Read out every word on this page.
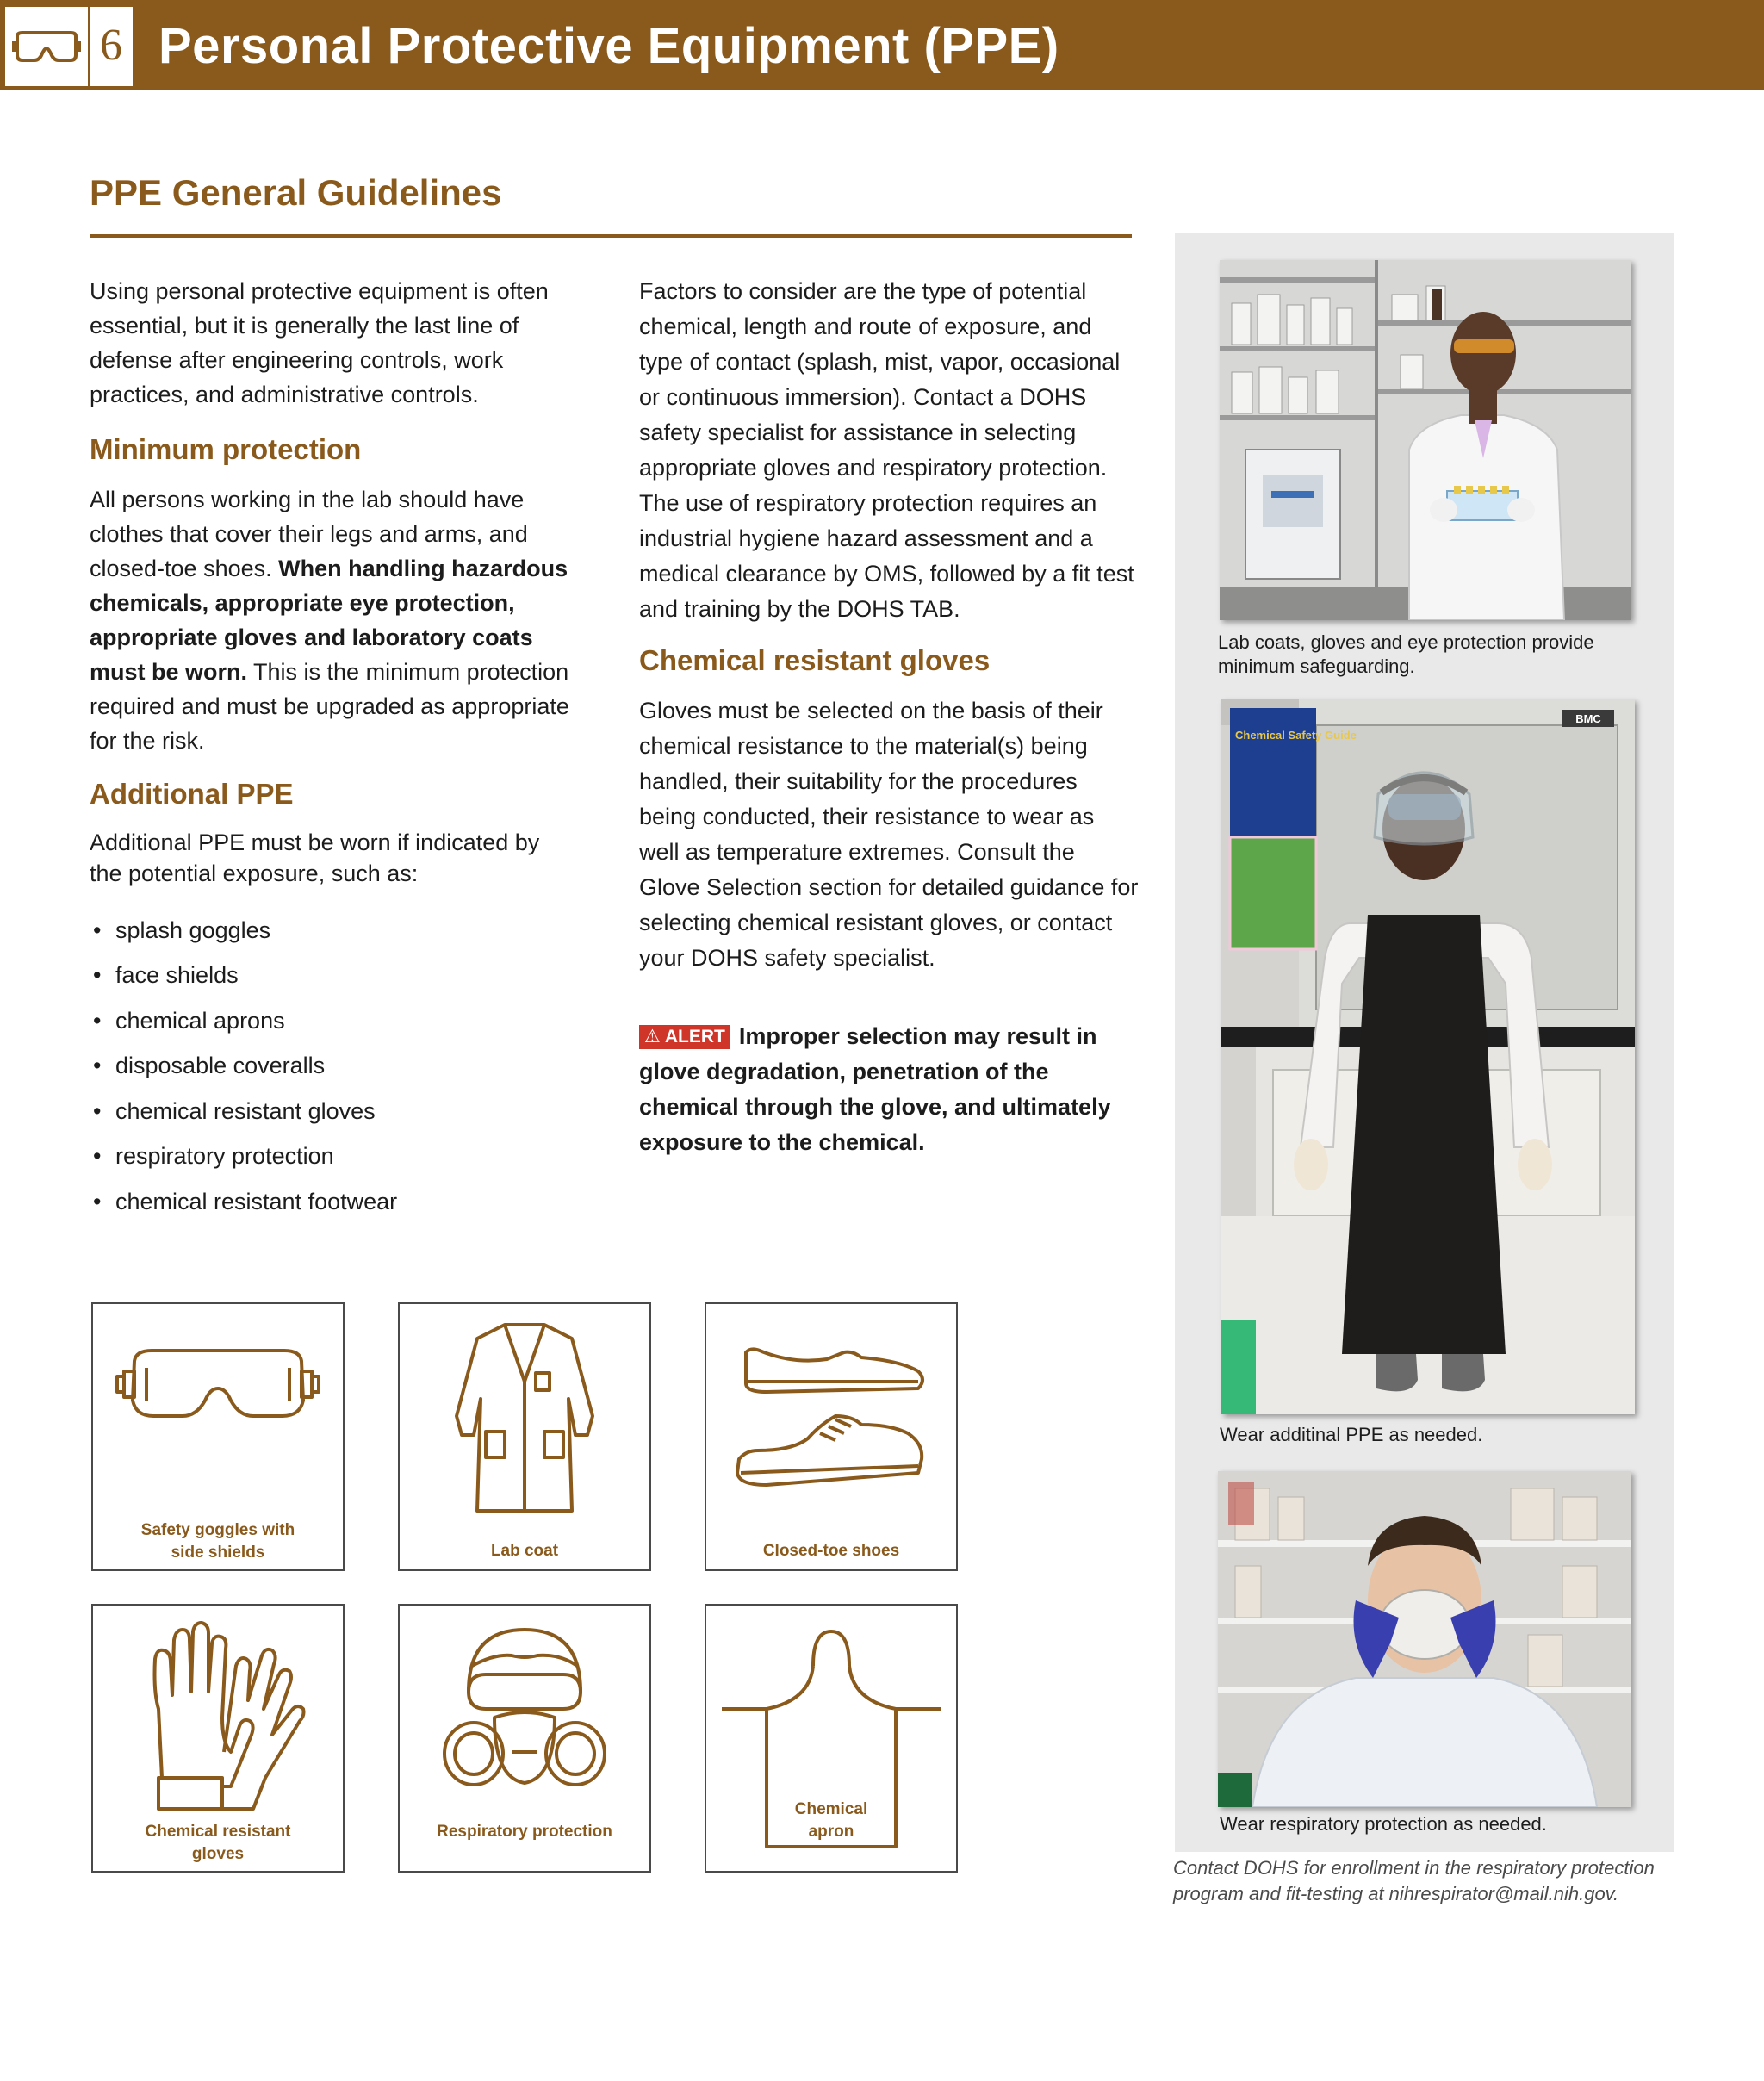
6 Personal Protective Equipment (PPE)
PPE General Guidelines

Using personal protective equipment is often essential, but it is generally the last line of defense after engineering controls, work practices, and administrative controls.

Minimum protection

All persons working in the lab should have clothes that cover their legs and arms, and closed-toe shoes. When handling hazardous chemicals, appropriate eye protection, appropriate gloves and laboratory coats must be worn. This is the minimum protection required and must be upgraded as appropriate for the risk.

Additional PPE

Additional PPE must be worn if indicated by the potential exposure, such as:

• splash goggles
• face shields
• chemical aprons
• disposable coveralls
• chemical resistant gloves
• respiratory protection
• chemical resistant footwear

Factors to consider are the type of potential chemical, length and route of exposure, and type of contact (splash, mist, vapor, occasional or continuous immersion). Contact a DOHS safety specialist for assistance in selecting appropriate gloves and respiratory protection. The use of respiratory protection requires an industrial hygiene hazard assessment and a medical clearance by OMS, followed by a fit test and training by the DOHS TAB.

Chemical resistant gloves

Gloves must be selected on the basis of their chemical resistance to the material(s) being handled, their suitability for the procedures being conducted, their resistance to wear as well as temperature extremes. Consult the Glove Selection section for detailed guidance for selecting chemical resistant gloves, or contact your DOHS safety specialist.

⚠ ALERT Improper selection may result in glove degradation, penetration of the chemical through the glove, and ultimately exposure to the chemical.

Safety goggles with side shields	Lab coat	Closed-toe shoes
Chemical resistant gloves
Respiratory protection
Chemical apron
Lab coats, gloves and eye protection provide minimum safeguarding.
BMC
Chemical Safety Guide
Wear additinal PPE as needed.
Wear respiratory protection as needed.
Contact DOHS for enrollment in the respiratory protection program and fit-testing at nihrespirator@mail.nih.gov.
